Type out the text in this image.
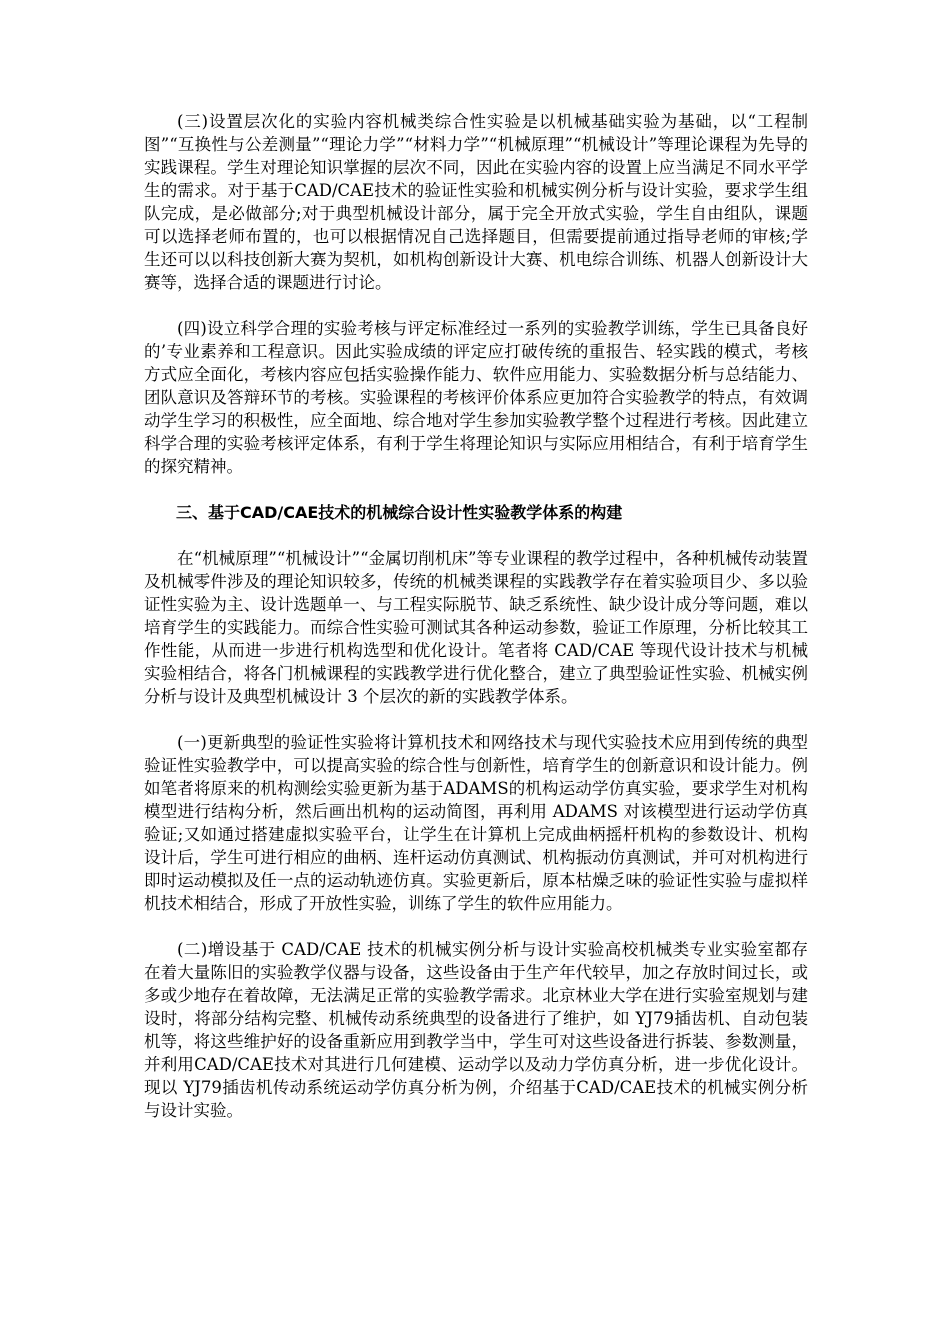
(三)设置层次化的实验内容机械类综合性实验是以机械基础实验为基础，以“工程制图”“互换性与公差测量”“理论力学”“材料力学”“机械原理”“机械设计”等理论课程为先导的实践课程。学生对理论知识掌握的层次不同，因此在实验内容的设置上应当满足不同水平学生的需求。对于基于CAD/CAE技术的验证性实验和机械实例分析与设计实验，要求学生组队完成，是必做部分;对于典型机械设计部分，属于完全开放式实验，学生自由组队，课题可以选择老师布置的，也可以根据情况自己选择题目，但需要提前通过指导老师的审核;学生还可以以科技创新大赛为契机，如机构创新设计大赛、机电综合训练、机器人创新设计大赛等，选择合适的课题进行讨论。

(四)设立科学合理的实验考核与评定标准经过一系列的实验教学训练，学生已具备良好的’专业素养和工程意识。因此实验成绩的评定应打破传统的重报告、轻实践的模式，考核方式应全面化，考核内容应包括实验操作能力、软件应用能力、实验数据分析与总结能力、团队意识及答辩环节的考核。实验课程的考核评价体系应更加符合实验教学的特点，有效调动学生学习的积极性，应全面地、综合地对学生参加实验教学整个过程进行考核。因此建立科学合理的实验考核评定体系，有利于学生将理论知识与实际应用相结合，有利于培育学生的探究精神。

三、基于CAD/CAE技术的机械综合设计性实验教学体系的构建

在“机械原理”“机械设计”“金属切削机床”等专业课程的教学过程中，各种机械传动装置及机械零件涉及的理论知识较多，传统的机械类课程的实践教学存在着实验项目少、多以验证性实验为主、设计选题单一、与工程实际脱节、缺乏系统性、缺少设计成分等问题，难以培育学生的实践能力。而综合性实验可测试其各种运动参数，验证工作原理，分析比较其工作性能，从而进一步进行机构选型和优化设计。笔者将 CAD/CAE 等现代设计技术与机械实验相结合，将各门机械课程的实践教学进行优化整合，建立了典型验证性实验、机械实例分析与设计及典型机械设计 3 个层次的新的实践教学体系。

(一)更新典型的验证性实验将计算机技术和网络技术与现代实验技术应用到传统的典型验证性实验教学中，可以提高实验的综合性与创新性，培育学生的创新意识和设计能力。例如笔者将原来的机构测绘实验更新为基于ADAMS的机构运动学仿真实验，要求学生对机构模型进行结构分析，然后画出机构的运动简图，再利用 ADAMS 对该模型进行运动学仿真验证;又如通过搭建虚拟实验平台，让学生在计算机上完成曲柄摇杆机构的参数设计、机构设计后，学生可进行相应的曲柄、连杆运动仿真测试、机构振动仿真测试，并可对机构进行即时运动模拟及任一点的运动轨迹仿真。实验更新后，原本枯燥乏味的验证性实验与虚拟样机技术相结合，形成了开放性实验，训练了学生的软件应用能力。

(二)增设基于 CAD/CAE 技术的机械实例分析与设计实验高校机械类专业实验室都存在着大量陈旧的实验教学仪器与设备，这些设备由于生产年代较早，加之存放时间过长，或多或少地存在着故障，无法满足正常的实验教学需求。北京林业大学在进行实验室规划与建设时，将部分结构完整、机械传动系统典型的设备进行了维护，如 YJ79插齿机、自动包装机等，将这些维护好的设备重新应用到教学当中，学生可对这些设备进行拆装、参数测量，并利用CAD/CAE技术对其进行几何建模、运动学以及动力学仿真分析，进一步优化设计。现以 YJ79插齿机传动系统运动学仿真分析为例，介绍基于CAD/CAE技术的机械实例分析与设计实验。
